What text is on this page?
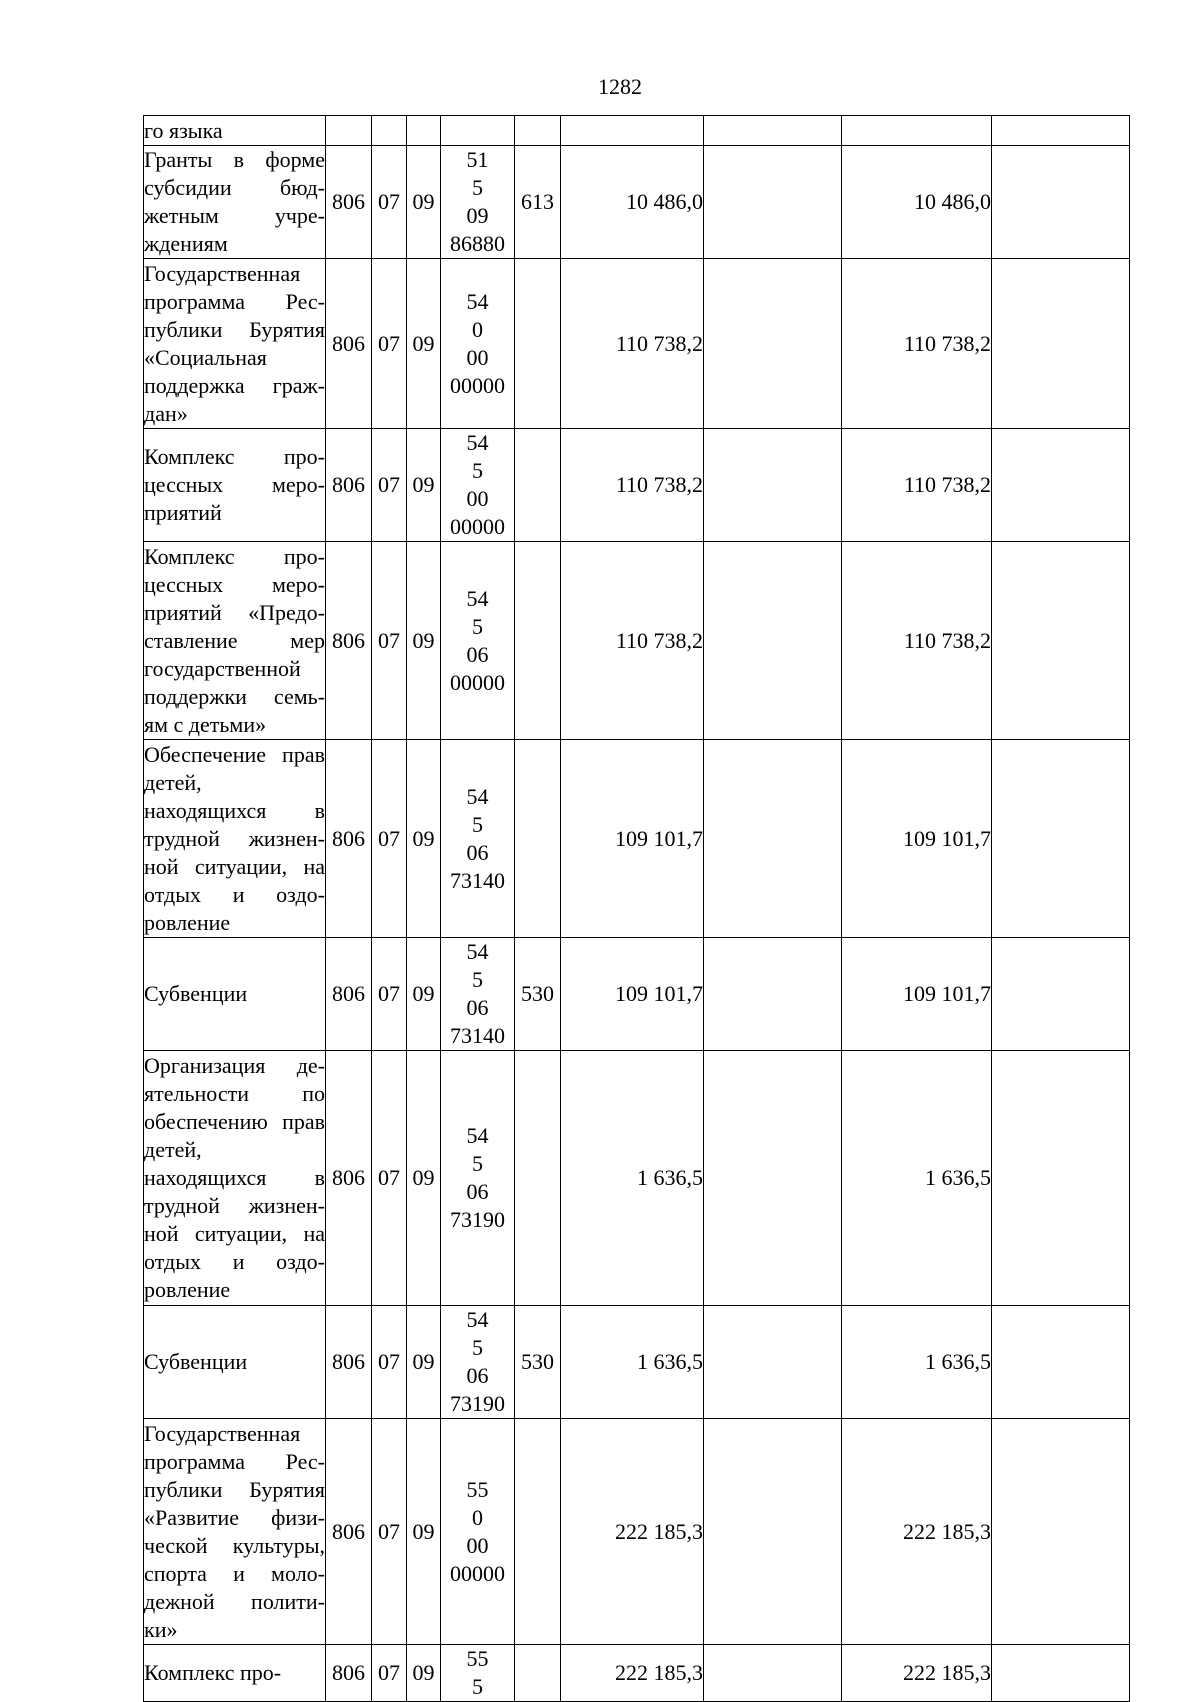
1282
го языка									
Гранты в форме субсидии бюд-жетным учре-ждениям	806	07	09	51 5 09 86880	613	10 486,0		10 486,0	
Государственная программа Рес-публики Бурятия «Социальная поддержка граж-дан»	806	07	09	54 0 00 00000		110 738,2		110 738,2	
Комплекс про-цессных меро-приятий	806	07	09	54 5 00 00000		110 738,2		110 738,2	
Комплекс про-цессных меро-приятий «Предо-ставление мер государственной поддержки семь-ям с детьми»	806	07	09	54 5 06 00000		110 738,2		110 738,2	
Обеспечение прав детей, находящихся в трудной жизнен-ной ситуации, на отдых и оздо-ровление	806	07	09	54 5 06 73140		109 101,7		109 101,7	
Субвенции	806	07	09	54 5 06 73140	530	109 101,7		109 101,7	
Организация де-ятельности по обеспечению прав детей, находящихся в трудной жизнен-ной ситуации, на отдых и оздо-ровление	806	07	09	54 5 06 73190		1 636,5		1 636,5	
Субвенции	806	07	09	54 5 06 73190	530	1 636,5		1 636,5	
Государственная программа Рес-публики Бурятия «Развитие физи-ческой культуры, спорта и моло-дежной полити-ки»	806	07	09	55 0 00 00000		222 185,3		222 185,3	
Комплекс про-	806	07	09	55 5		222 185,3		222 185,3	
